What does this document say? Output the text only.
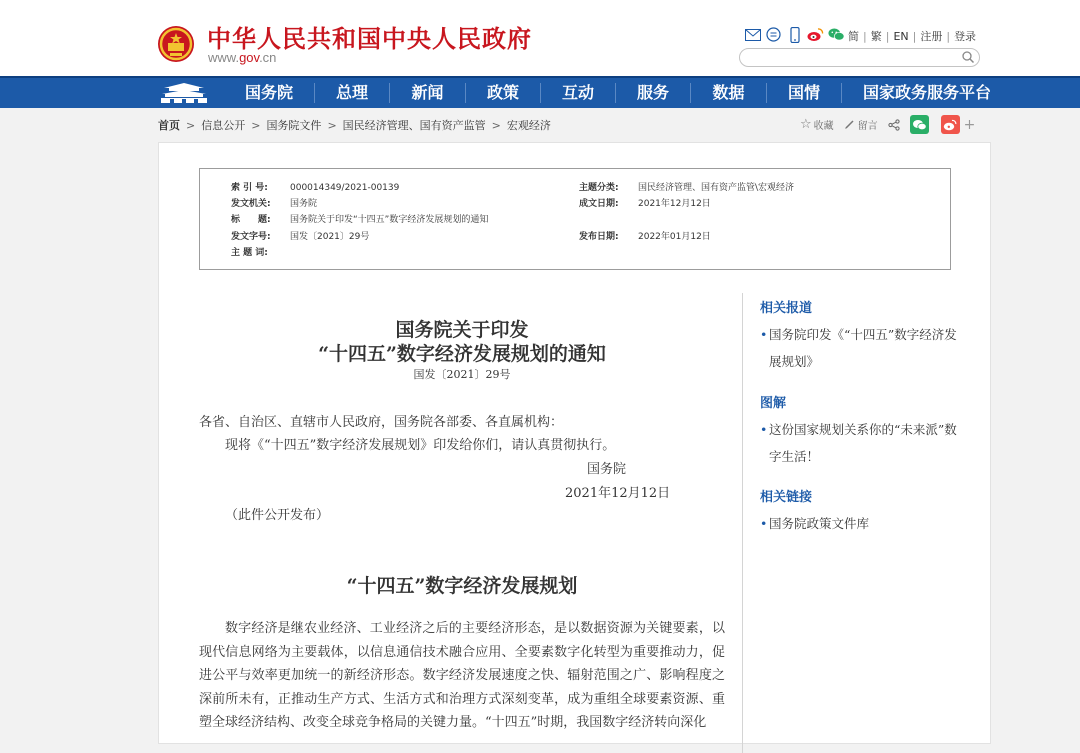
中华人民共和国中央人民政府
www.gov.cn
简 | 繁 | EN | 注册 | 登录
国务院	总理	新闻	政策	互动	服务	数据	国情	国家政务服务平台
首页 > 信息公开 > 国务院文件 > 国民经济管理、国有资产监管 > 宏观经济	☆ 收藏 留言	+
索 引 号: 000014349/2021-00139	主题分类: 国民经济管理、国有资产监管\宏观经济
发文机关: 国务院	成文日期: 2021年12月12日
标　　题: 国务院关于印发“十四五”数字经济发展规划的通知
发文字号: 国发〔2021〕29号	发布日期: 2022年01月12日
主 题 词:
国务院关于印发
“十四五”数字经济发展规划的通知
国发〔2021〕29号
各省、自治区、直辖市人民政府，国务院各部委、各直属机构：
现将《“十四五”数字经济发展规划》印发给你们，请认真贯彻执行。
国务院
2021年12月12日
（此件公开发布）
“十四五”数字经济发展规划
数字经济是继农业经济、工业经济之后的主要经济形态，是以数据资源为关键要素，以现代信息网络为主要载体，以信息通信技术融合应用、全要素数字化转型为重要推动力，促进公平与效率更加统一的新经济形态。数字经济发展速度之快、辐射范围之广、影响程度之深前所未有，正推动生产方式、生活方式和治理方式深刻变革，成为重组全球要素资源、重塑全球经济结构、改变全球竞争格局的关键力量。“十四五”时期，我国数字经济转向深化
相关报道
• 国务院印发《“十四五”数字经济发展规划》
图解
• 这份国家规划关系你的“未来派”数字生活！
相关链接
• 国务院政策文件库
